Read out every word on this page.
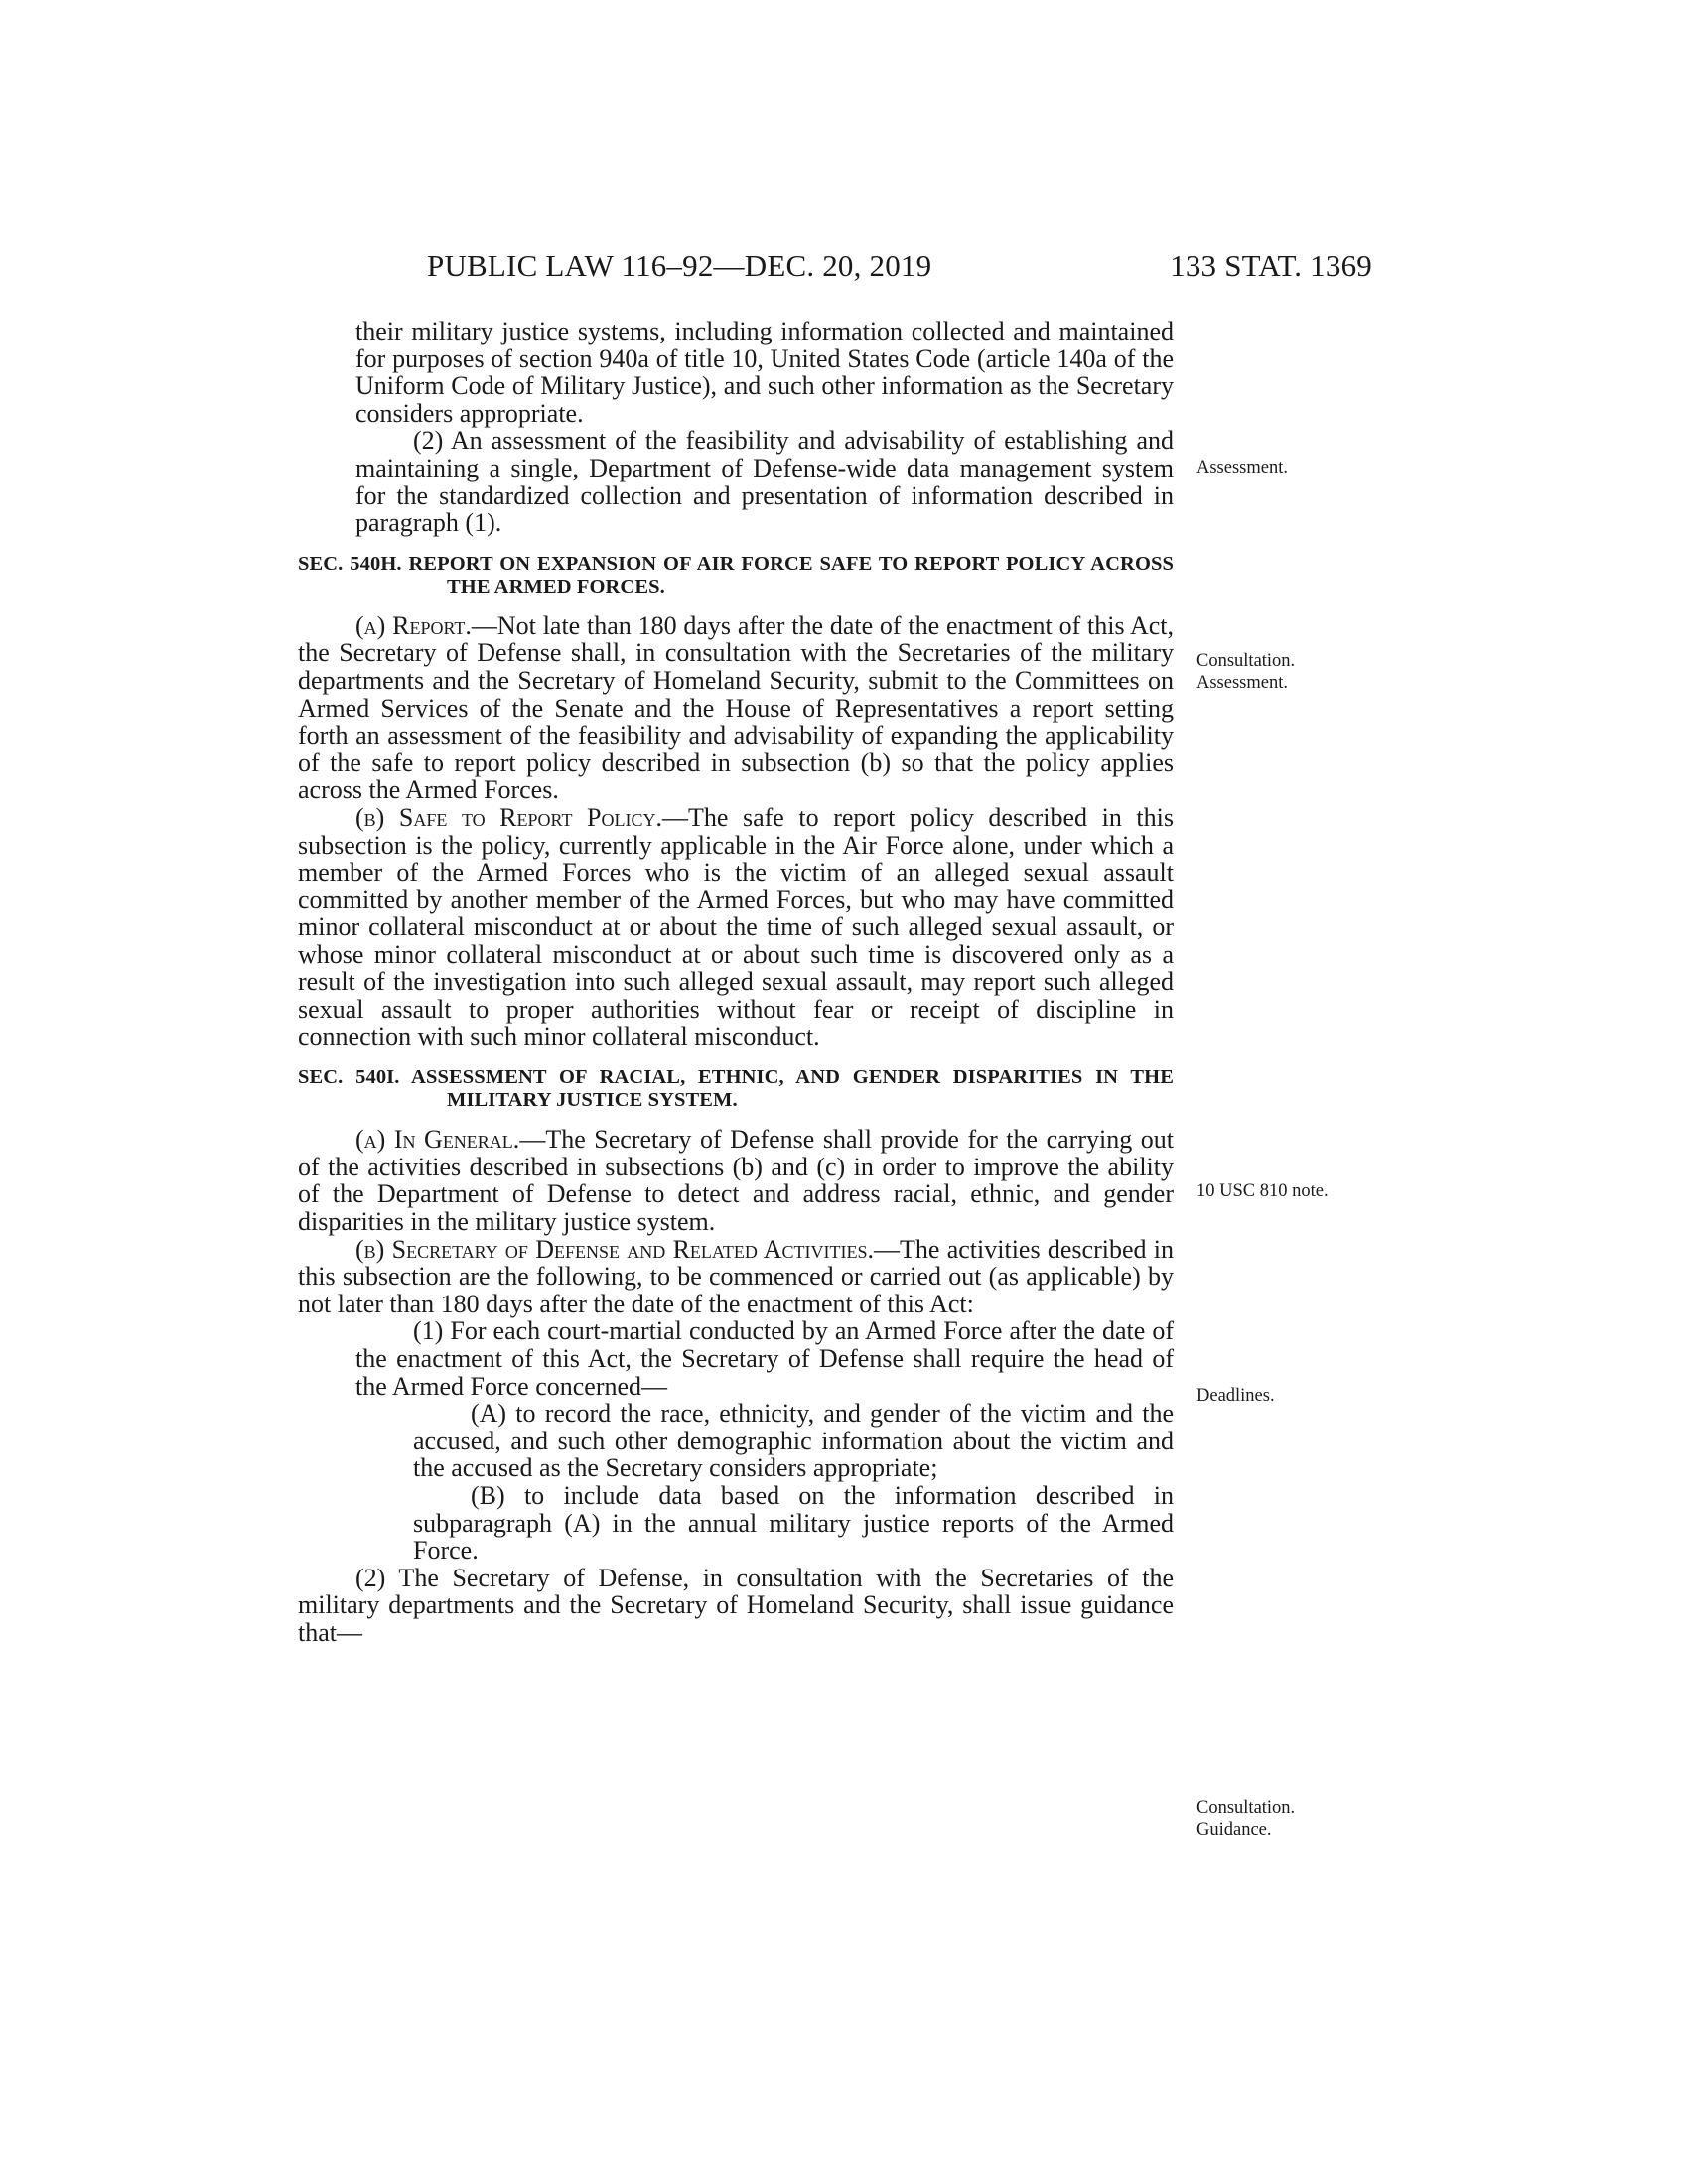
PUBLIC LAW 116–92—DEC. 20, 2019	133 STAT. 1369

their military justice systems, including information collected and maintained for purposes of section 940a of title 10, United States Code (article 140a of the Uniform Code of Military Justice), and such other information as the Secretary considers appropriate.

(2) An assessment of the feasibility and advisability of establishing and maintaining a single, Department of Defense-wide data management system for the standardized collection and presentation of information described in paragraph (1).

SEC. 540H. REPORT ON EXPANSION OF AIR FORCE SAFE TO REPORT POLICY ACROSS THE ARMED FORCES.

(a) Report.—Not late than 180 days after the date of the enactment of this Act, the Secretary of Defense shall, in consultation with the Secretaries of the military departments and the Secretary of Homeland Security, submit to the Committees on Armed Services of the Senate and the House of Representatives a report setting forth an assessment of the feasibility and advisability of expanding the applicability of the safe to report policy described in subsection (b) so that the policy applies across the Armed Forces.

(b) Safe to Report Policy.—The safe to report policy described in this subsection is the policy, currently applicable in the Air Force alone, under which a member of the Armed Forces who is the victim of an alleged sexual assault committed by another member of the Armed Forces, but who may have committed minor collateral misconduct at or about the time of such alleged sexual assault, or whose minor collateral misconduct at or about such time is discovered only as a result of the investigation into such alleged sexual assault, may report such alleged sexual assault to proper authorities without fear or receipt of discipline in connection with such minor collateral misconduct.

SEC. 540I. ASSESSMENT OF RACIAL, ETHNIC, AND GENDER DISPARITIES IN THE MILITARY JUSTICE SYSTEM.

(a) In General.—The Secretary of Defense shall provide for the carrying out of the activities described in subsections (b) and (c) in order to improve the ability of the Department of Defense to detect and address racial, ethnic, and gender disparities in the military justice system.

(b) Secretary of Defense and Related Activities.—The activities described in this subsection are the following, to be commenced or carried out (as applicable) by not later than 180 days after the date of the enactment of this Act:

(1) For each court-martial conducted by an Armed Force after the date of the enactment of this Act, the Secretary of Defense shall require the head of the Armed Force concerned—

(A) to record the race, ethnicity, and gender of the victim and the accused, and such other demographic information about the victim and the accused as the Secretary considers appropriate;

(B) to include data based on the information described in subparagraph (A) in the annual military justice reports of the Armed Force.

(2) The Secretary of Defense, in consultation with the Secretaries of the military departments and the Secretary of Homeland Security, shall issue guidance that—

Assessment.
Consultation.
Assessment.
10 USC 810 note.
Deadlines.
Consultation.
Guidance.
